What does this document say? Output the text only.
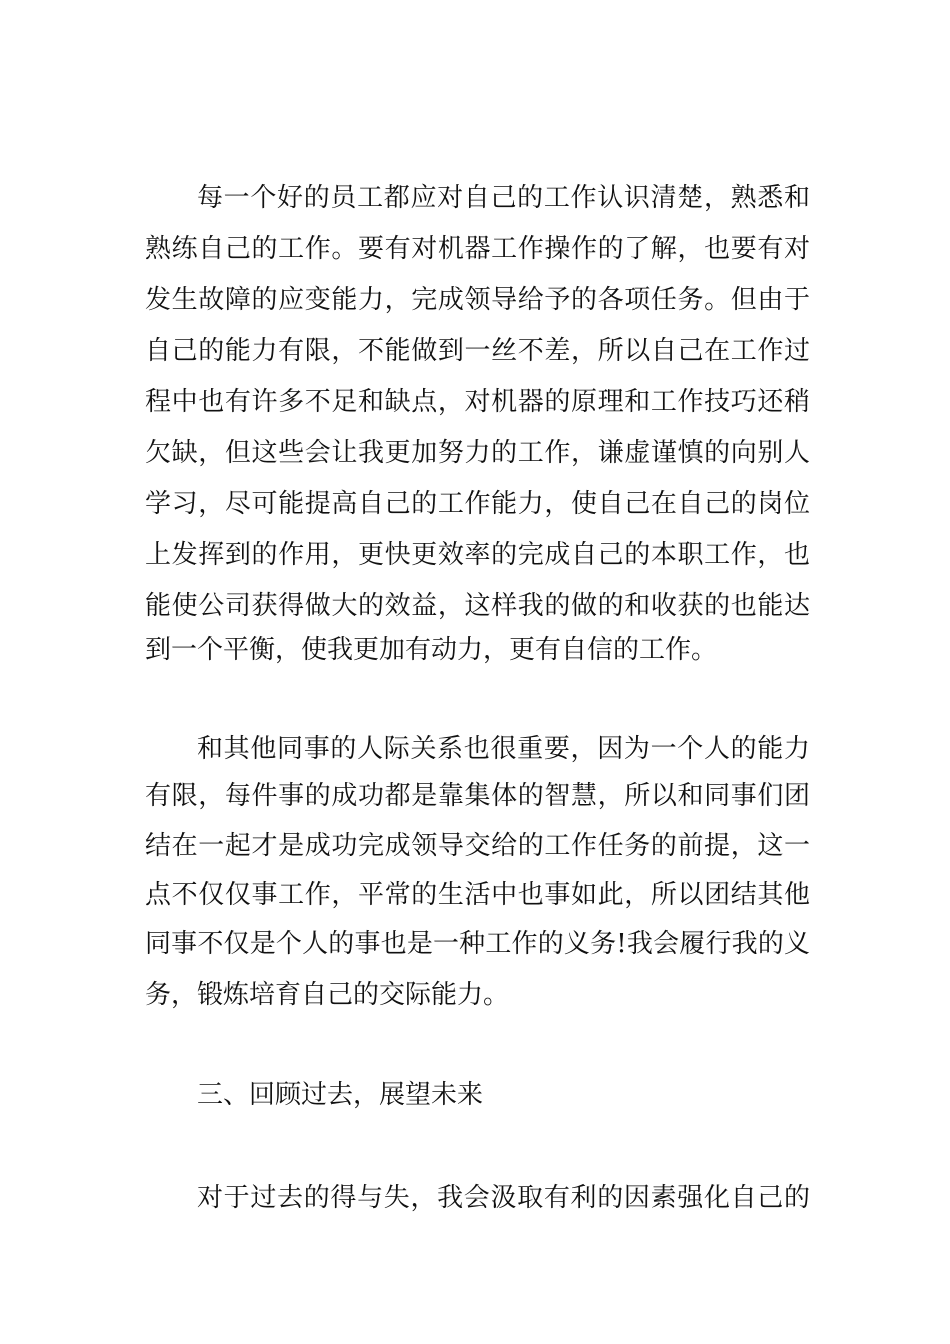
每一个好的员工都应对自己的工作认识清楚，熟悉和
熟练自己的工作。要有对机器工作操作的了解，也要有对
发生故障的应变能力，完成领导给予的各项任务。但由于
自己的能力有限，不能做到一丝不差，所以自己在工作过
程中也有许多不足和缺点，对机器的原理和工作技巧还稍
欠缺，但这些会让我更加努力的工作，谦虚谨慎的向别人
学习，尽可能提高自己的工作能力，使自己在自己的岗位
上发挥到的作用，更快更效率的完成自己的本职工作，也
能使公司获得做大的效益，这样我的做的和收获的也能达
到一个平衡，使我更加有动力，更有自信的工作。
和其他同事的人际关系也很重要，因为一个人的能力
有限，每件事的成功都是靠集体的智慧，所以和同事们团
结在一起才是成功完成领导交给的工作任务的前提，这一
点不仅仅事工作，平常的生活中也事如此，所以团结其他
同事不仅是个人的事也是一种工作的义务!我会履行我的义
务，锻炼培育自己的交际能力。
三、回顾过去，展望未来
对于过去的得与失，我会汲取有利的因素强化自己的
